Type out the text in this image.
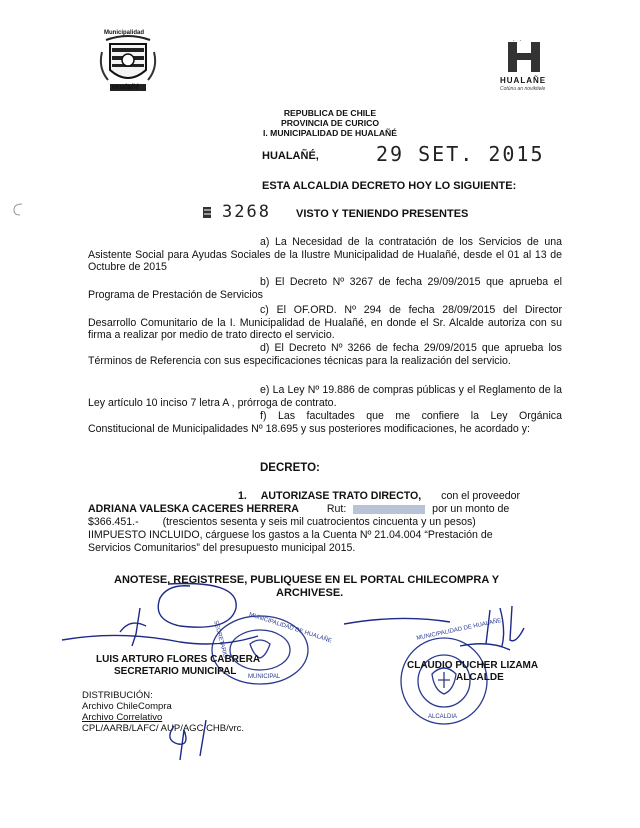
Municipalidad
Hualañé
HUALAÑE
Cotúnu an noviktiele
REPUBLICA DE CHILE
PROVINCIA DE CURICO
I. MUNICIPALIDAD DE HUALAÑÉ
HUALAÑÉ,	29 SET. 2015
ESTA ALCALDIA DECRETO HOY LO SIGUIENTE:
3268 VISTO Y TENIENDO PRESENTES
a) La Necesidad de la contratación de los Servicios de una Asistente Social para Ayudas Sociales de la Ilustre Municipalidad de Hualañé, desde el 01 al 13 de Octubre de 2015
b) El Decreto Nº 3267 de fecha 29/09/2015 que aprueba el Programa de Prestación de Servicios
c) El OF.ORD. Nº 294 de fecha 28/09/2015 del Director Desarrollo Comunitario de la I. Municipalidad de Hualañé, en donde el Sr. Alcalde autoriza con su firma a realizar por medio de trato directo el servicio.
d) El Decreto Nº 3266 de fecha 29/09/2015 que aprueba los Términos de Referencia con sus especificaciones técnicas para la realización del servicio.
e) La Ley Nº 19.886 de compras públicas y el Reglamento de la Ley artículo 10 inciso 7 letra A , prórroga de contrato.
f) Las facultades que me confiere la Ley Orgánica Constitucional de Municipalidades Nº 18.695 y sus posteriores modificaciones, he acordado y:
DECRETO:
1. AUTORIZASE TRATO DIRECTO, con el proveedor
ADRIANA VALESKA CACERES HERRERA	Rut:	por un monto de
$366.451.- (trescientos sesenta y seis mil cuatrocientos cincuenta y un pesos)
IIMPUESTO INCLUIDO, cárguese los gastos a la Cuenta Nº 21.04.004 “Prestación de
Servicios Comunitarios” del presupuesto municipal 2015.
ANOTESE, REGISTRESE, PUBLIQUESE EN EL PORTAL CHILECOMPRA Y
ARCHIVESE.
MUNICIPALIDAD DE HUALAÑE
SECRETARIO
MUNICIPAL
LUIS ARTURO FLORES CABRERA
SECRETARIO MUNICIPAL
MUNICIPALIDAD DE HUALAÑE
ALCALDIA
CLAUDIO PUCHER LIZAMA
ALCALDE
DISTRIBUCIÓN:
Archivo ChileCompra
Archivo Correlativo
CPL/AARB/LAFC/ AUP/AGC/CHB/vrc.
